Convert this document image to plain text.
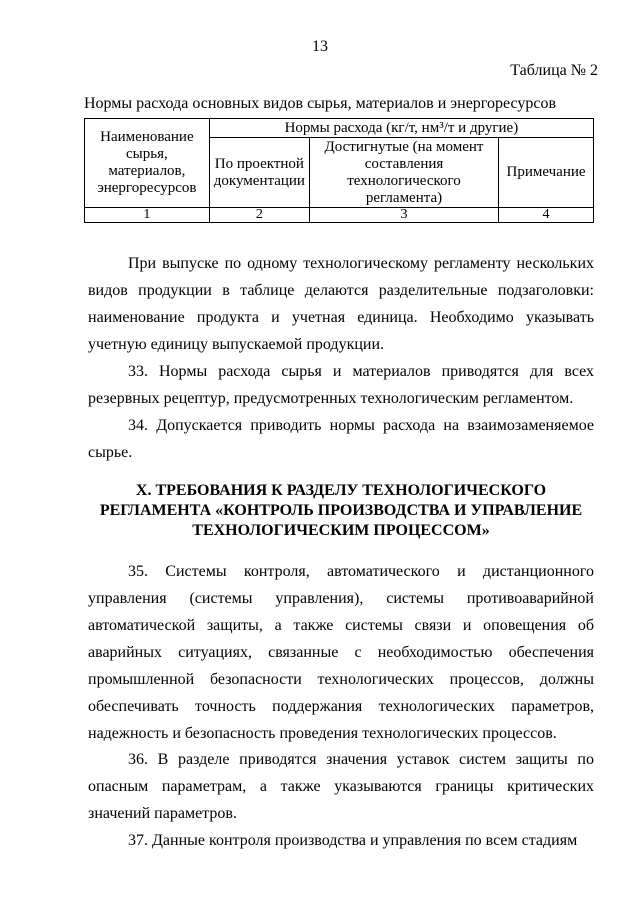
13
Таблица № 2
Нормы расхода основных видов сырья, материалов и энергоресурсов
Наименование сырья, материалов, энергоресурсов	Нормы расхода (кг/т, нм³/т и другие)		
	По проектной документации	Достигнутые (на момент составления технологического регламента)	Примечание
1	2	3	4
При выпуске по одному технологическому регламенту нескольких видов продукции в таблице делаются разделительные подзаголовки: наименование продукта и учетная единица. Необходимо указывать учетную единицу выпускаемой продукции.
33. Нормы расхода сырья и материалов приводятся для всех резервных рецептур, предусмотренных технологическим регламентом.
34. Допускается приводить нормы расхода на взаимозаменяемое сырье.
X. ТРЕБОВАНИЯ К РАЗДЕЛУ ТЕХНОЛОГИЧЕСКОГО РЕГЛАМЕНТА «КОНТРОЛЬ ПРОИЗВОДСТВА И УПРАВЛЕНИЕ ТЕХНОЛОГИЧЕСКИМ ПРОЦЕССОМ»
35. Системы контроля, автоматического и дистанционного управления (системы управления), системы противоаварийной автоматической защиты, а также системы связи и оповещения об аварийных ситуациях, связанные с необходимостью обеспечения промышленной безопасности технологических процессов, должны обеспечивать точность поддержания технологических параметров, надежность и безопасность проведения технологических процессов.
36. В разделе приводятся значения уставок систем защиты по опасным параметрам, а также указываются границы критических значений параметров.
37. Данные контроля производства и управления по всем стадиям
